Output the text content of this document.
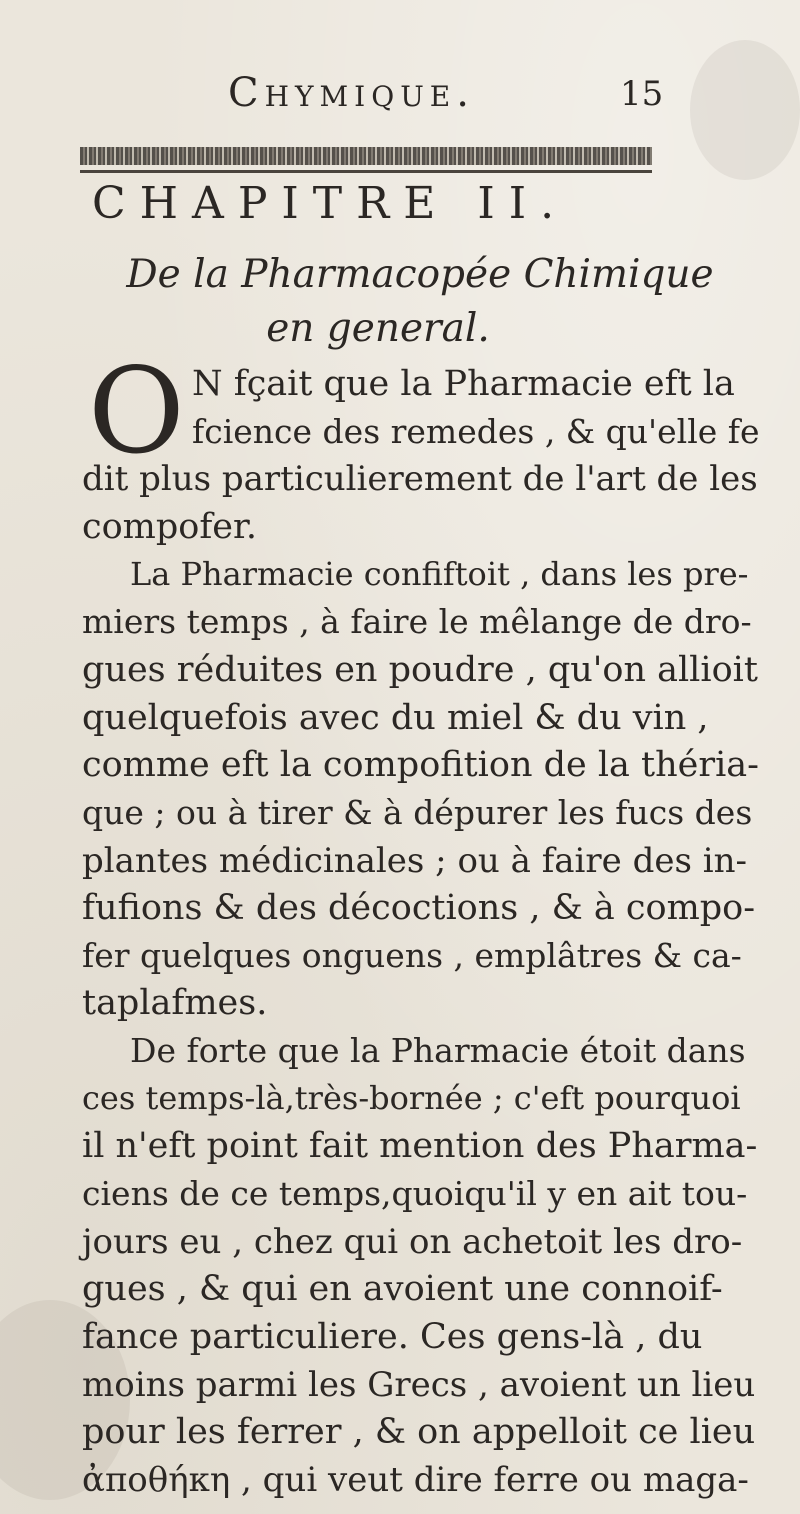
Chymique.	15
CHAPITRE II.
De la Pharmacopée Chimique
en general.
O N fçait que la Pharmacie eft la
fcience des remedes , & qu'elle fe
dit plus particulierement de l'art de les
compofer.
La Pharmacie confiftoit , dans les pre-
miers temps , à faire le mêlange de dro-
gues réduites en poudre , qu'on allioit
quelquefois avec du miel & du vin ,
comme eft la compofition de la théria-
que ; ou à tirer & à dépurer les fucs des
plantes médicinales ; ou à faire des in-
fufions & des décoctions , & à compo-
fer quelques onguens , emplâtres & ca-
taplafmes.
De forte que la Pharmacie étoit dans
ces temps-là,très-bornée ; c'eft pourquoi
il n'eft point fait mention des Pharma-
ciens de ce temps,quoiqu'il y en ait tou-
jours eu , chez qui on achetoit les dro-
gues , & qui en avoient une connoif-
fance particuliere. Ces gens-là , du
moins parmi les Grecs , avoient un lieu
pour les ferrer , & on appelloit ce lieu
ἀποθήκη , qui veut dire ferre ou maga-
